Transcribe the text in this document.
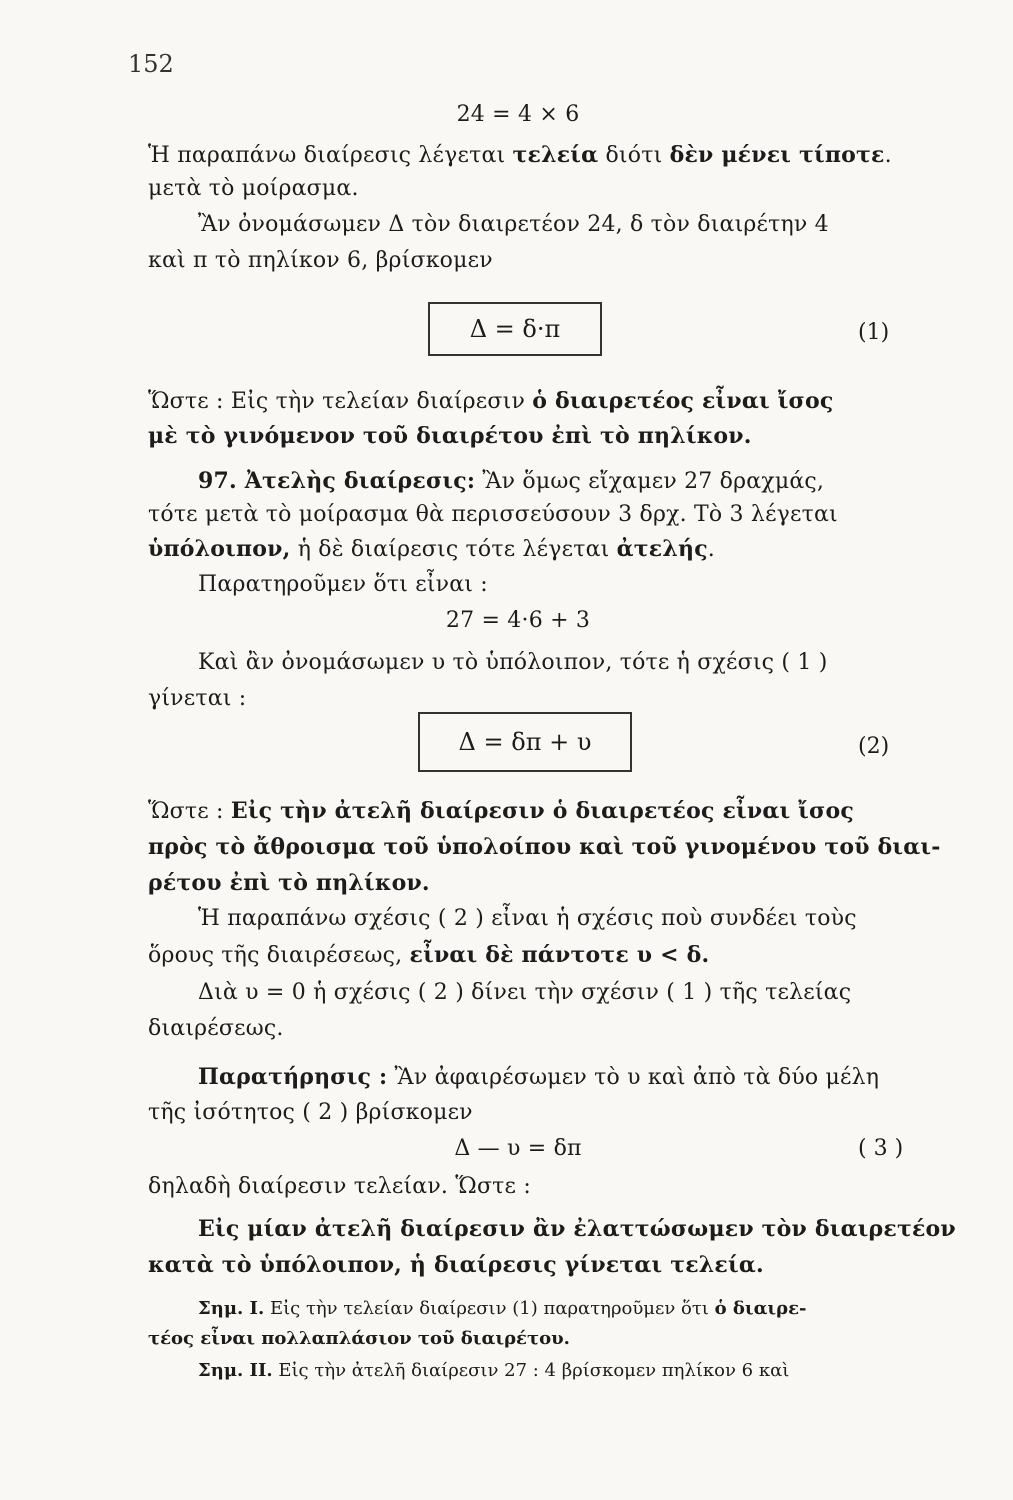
152
24 = 4 × 6
Ἡ παραπάνω διαίρεσις λέγεται τελεία διότι δὲν μένει τίποτε.
μετὰ τὸ μοίρασμα.
Ἂν ὀνομάσωμεν Δ τὸν διαιρετέον 24, δ τὸν διαιρέτην 4
καὶ π τὸ πηλίκον 6, βρίσκομεν
Δ = δ·π	(1)
Ὥστε : Εἰς τὴν τελείαν διαίρεσιν ὁ διαιρετέος εἶναι ἴσος
μὲ τὸ γινόμενον τοῦ διαιρέτου ἐπὶ τὸ πηλίκον.
97. Ἀτελὴς διαίρεσις: Ἂν ὅμως εἴχαμεν 27 δραχμάς,
τότε μετὰ τὸ μοίρασμα θὰ περισσεύσουν 3 δρχ. Τὸ 3 λέγεται
ὑπόλοιπον, ἡ δὲ διαίρεσις τότε λέγεται ἀτελής.
Παρατηροῦμεν ὅτι εἶναι :
27 = 4·6 + 3
Καὶ ἂν ὀνομάσωμεν υ τὸ ὑπόλοιπον, τότε ἡ σχέσις ( 1 )
γίνεται :
Δ = δπ + υ	(2)
Ὥστε : Εἰς τὴν ἀτελῆ διαίρεσιν ὁ διαιρετέος εἶναι ἴσος
πρὸς τὸ ἄθροισμα τοῦ ὑπολοίπου καὶ τοῦ γινομένου τοῦ διαι-
ρέτου ἐπὶ τὸ πηλίκον.
Ἡ παραπάνω σχέσις ( 2 ) εἶναι ἡ σχέσις ποὺ συνδέει τοὺς
ὅρους τῆς διαιρέσεως, εἶναι δὲ πάντοτε υ < δ.
Διὰ υ = 0 ἡ σχέσις ( 2 ) δίνει τὴν σχέσιν ( 1 ) τῆς τελείας
διαιρέσεως.
Παρατήρησις : Ἂν ἀφαιρέσωμεν τὸ υ καὶ ἀπὸ τὰ δύο μέλη
τῆς ἰσότητος ( 2 ) βρίσκομεν
Δ — υ = δπ	( 3 )
δηλαδὴ διαίρεσιν τελείαν. Ὥστε :
Εἰς μίαν ἀτελῆ διαίρεσιν ἂν ἐλαττώσωμεν τὸν διαιρετέον
κατὰ τὸ ὑπόλοιπον, ἡ διαίρεσις γίνεται τελεία.
Σημ. Ι. Εἰς τὴν τελείαν διαίρεσιν (1) παρατηροῦμεν ὅτι ὁ διαιρε-
τέος εἶναι πολλαπλάσιον τοῦ διαιρέτου.
Σημ. ΙΙ. Εἰς τὴν ἀτελῆ διαίρεσιν 27 : 4 βρίσκομεν πηλίκον 6 καὶ
